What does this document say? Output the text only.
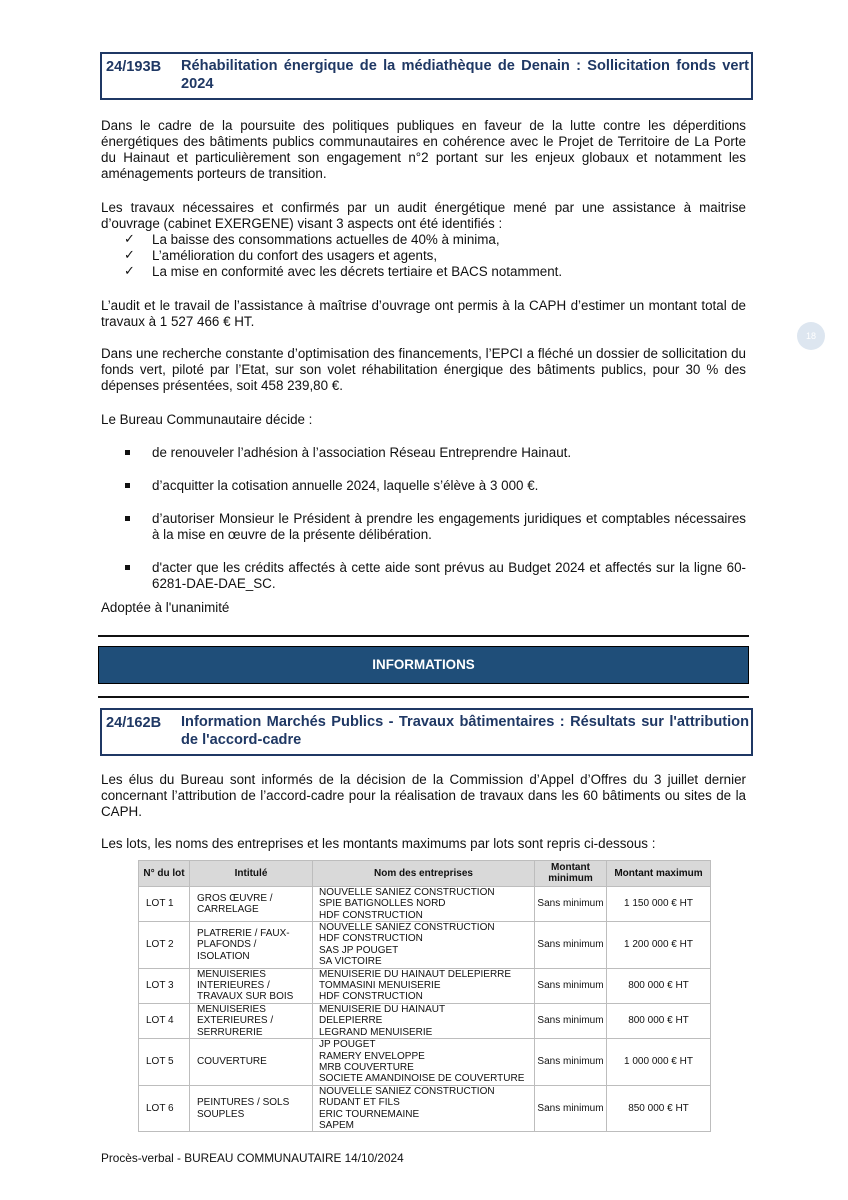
24/193B Réhabilitation énergique de la médiathèque de Denain : Sollicitation fonds vert 2024
Dans le cadre de la poursuite des politiques publiques en faveur de la lutte contre les déperditions énergétiques des bâtiments publics communautaires en cohérence avec le Projet de Territoire de La Porte du Hainaut et particulièrement son engagement n°2 portant sur les enjeux globaux et notamment les aménagements porteurs de transition.
Les travaux nécessaires et confirmés par un audit énergétique mené par une assistance à maitrise d’ouvrage (cabinet EXERGENE) visant 3 aspects ont été identifiés :
✓ La baisse des consommations actuelles de 40% à minima,
✓ L’amélioration du confort des usagers et agents,
✓ La mise en conformité avec les décrets tertiaire et BACS notamment.
L’audit et le travail de l’assistance à maîtrise d’ouvrage ont permis à la CAPH d’estimer un montant total de travaux à 1 527 466 € HT.
Dans une recherche constante d’optimisation des financements, l’EPCI a fléché un dossier de sollicitation du fonds vert, piloté par l’Etat, sur son volet réhabilitation énergique des bâtiments publics, pour 30 % des dépenses présentées, soit 458 239,80 €.
Le Bureau Communautaire décide :
de renouveler l’adhésion à l’association Réseau Entreprendre Hainaut.
d’acquitter la cotisation annuelle 2024, laquelle s’élève à 3 000 €.
d’autoriser Monsieur le Président à prendre les engagements juridiques et comptables nécessaires à la mise en œuvre de la présente délibération.
d'acter que les crédits affectés à cette aide sont prévus au Budget 2024 et affectés sur la ligne 60-6281-DAE-DAE_SC.
Adoptée à l'unanimité
18
INFORMATIONS
24/162B Information Marchés Publics - Travaux bâtimentaires : Résultats sur l'attribution de l'accord-cadre
Les élus du Bureau sont informés de la décision de la Commission d’Appel d’Offres du 3 juillet dernier concernant l’attribution de l’accord-cadre pour la réalisation de travaux dans les 60 bâtiments ou sites de la CAPH.
Les lots, les noms des entreprises et les montants maximums par lots sont repris ci-dessous :
N° du lot	Intitulé	Nom des entreprises	Montant minimum	Montant maximum
LOT 1	GROS ŒUVRE / CARRELAGE	NOUVELLE SANIEZ CONSTRUCTION
SPIE BATIGNOLLES NORD
HDF CONSTRUCTION	Sans minimum	1 150 000 € HT
LOT 2	PLATRERIE / FAUX-PLAFONDS / ISOLATION	NOUVELLE SANIEZ CONSTRUCTION
HDF CONSTRUCTION
SAS JP POUGET
SA VICTOIRE	Sans minimum	1 200 000 € HT
LOT 3	MENUISERIES INTERIEURES / TRAVAUX SUR BOIS	MENUISERIE DU HAINAUT DELEPIERRE
TOMMASINI MENUISERIE
HDF CONSTRUCTION	Sans minimum	800 000 € HT
LOT 4	MENUISERIES EXTERIEURES / SERRURERIE	MENUISERIE DU HAINAUT
DELEPIERRE
LEGRAND MENUISERIE	Sans minimum	800 000 € HT
LOT 5	COUVERTURE	JP POUGET
RAMERY ENVELOPPE
MRB COUVERTURE
SOCIETE AMANDINOISE DE COUVERTURE	Sans minimum	1 000 000 € HT
LOT 6	PEINTURES / SOLS SOUPLES	NOUVELLE SANIEZ CONSTRUCTION
RUDANT ET FILS
ERIC TOURNEMAINE
SAPEM	Sans minimum	850 000 € HT
Procès-verbal - BUREAU COMMUNAUTAIRE 14/10/2024
